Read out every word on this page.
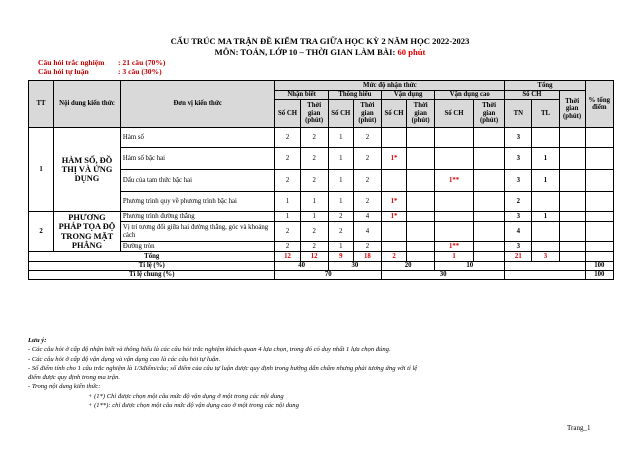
CẤU TRÚC MA TRẬN ĐỀ KIỂM TRA GIỮA HỌC KỲ 2 NĂM HỌC 2022-2023
MÔN: TOÁN, LỚP 10 – THỜI GIAN LÀM BÀI: 60 phút
Câu hỏi trắc nghiệm : 21 câu (70%)
Câu hỏi tự luận	: 3 câu (30%)
TT	Nội dung kiến thức	Đơn vị kiến thức	Mức độ nhận thức								Tổng			% tổng điểm
			Nhận biết		Thông hiểu		Vận dụng		Vận dụng cao		Số CH		Thời gian (phút)	
			Số CH	Thời gian (phút)	Số CH	Thời gian (phút)	Số CH	Thời gian (phút)	Số CH	Thời gian (phút)	TN	TL		
1	HÀM SỐ, ĐỒ THỊ VÀ ỨNG DỤNG	Hàm số	2	2	1	2					3			
		Hàm số bậc hai	2	2	1	2	1*				3	1		
		Dấu của tam thức bậc hai	2	2	1	2			1**		3	1		
		Phương trình quy về phương trình bậc hai	1	1	1	2	1*				2			
2	PHƯƠNG PHÁP TỌA ĐỘ TRONG MẶT PHẲNG	Phương trình đường thẳng	1	1	2	4	1*				3	1		
		Vị trí tương đối giữa hai đường thẳng, góc và khoảng cách	2	2	2	4					4			
		Đường tròn	2	2	1	2			1**		3			
Tổng			12	12	9	18	2		1		21	3		
Tỉ lệ (%)			40		30		20		10					100
Tỉ lệ chung (%)			70				30							100
Lưu ý:
- Các câu hỏi ở cấp độ nhận biết và thông hiểu là các câu hỏi trắc nghiệm khách quan 4 lựa chọn, trong đó có duy nhất 1 lựa chọn đúng.
- Các câu hỏi ở cấp độ vận dụng và vận dụng cao là các câu hỏi tự luận.
- Số điểm tính cho 1 câu trắc nghiệm là 1/3điểm/câu; số điểm của câu tự luận được quy định trong hướng dẫn chấm nhưng phải tương ứng với tỉ lệ
điểm được quy định trong ma trận.
- Trong nội dung kiến thức:
+ (1*) Chỉ được chọn một câu mức độ vận dụng ở một trong các nội dung
+ (1**): chỉ được chọn một câu mức độ vận dụng cao ở một trong các nội dung
Trang_1
